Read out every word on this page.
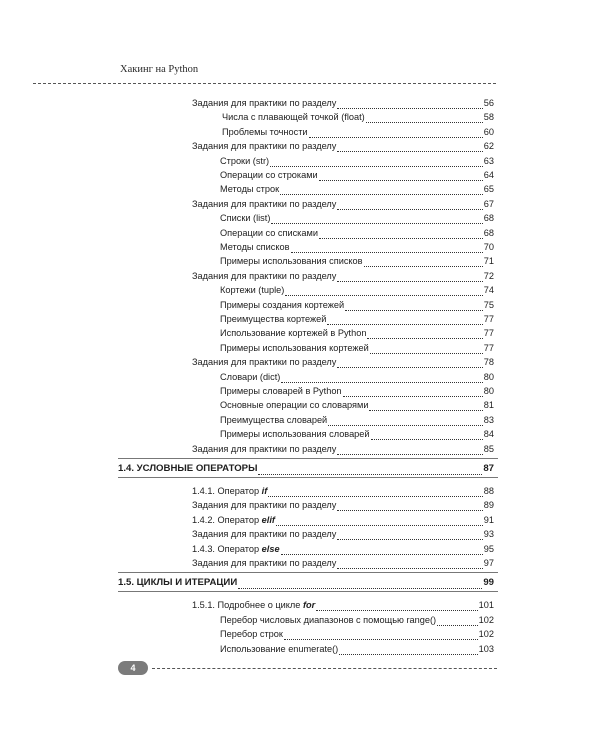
Хакинг на Python
Задания для практики по разделу	56
Числа с плавающей точкой (float)	58
Проблемы точности	60
Задания для практики по разделу	62
Строки (str)	63
Операции со строками	64
Методы строк	65
Задания для практики по разделу	67
Списки (list)	68
Операции со списками	68
Методы списков	70
Примеры использования списков	71
Задания для практики по разделу	72
Кортежи (tuple)	74
Примеры создания кортежей	75
Преимущества кортежей	77
Использование кортежей в Python	77
Примеры использования кортежей	77
Задания для практики по разделу	78
Словари (dict)	80
Примеры словарей в Python	80
Основные операции со словарями	81
Преимущества словарей	83
Примеры использования словарей	84
Задания для практики по разделу	85
1.4. УСЛОВНЫЕ ОПЕРАТОРЫ	87
1.4.1. Оператор if	88
Задания для практики по разделу	89
1.4.2. Оператор elif	91
Задания для практики по разделу	93
1.4.3. Оператор else	95
Задания для практики по разделу	97
1.5. ЦИКЛЫ И ИТЕРАЦИИ	99
1.5.1. Подробнее о цикле for	101
Перебор числовых диапазонов с помощью range()	102
Перебор строк	102
Использование enumerate()	103
4
